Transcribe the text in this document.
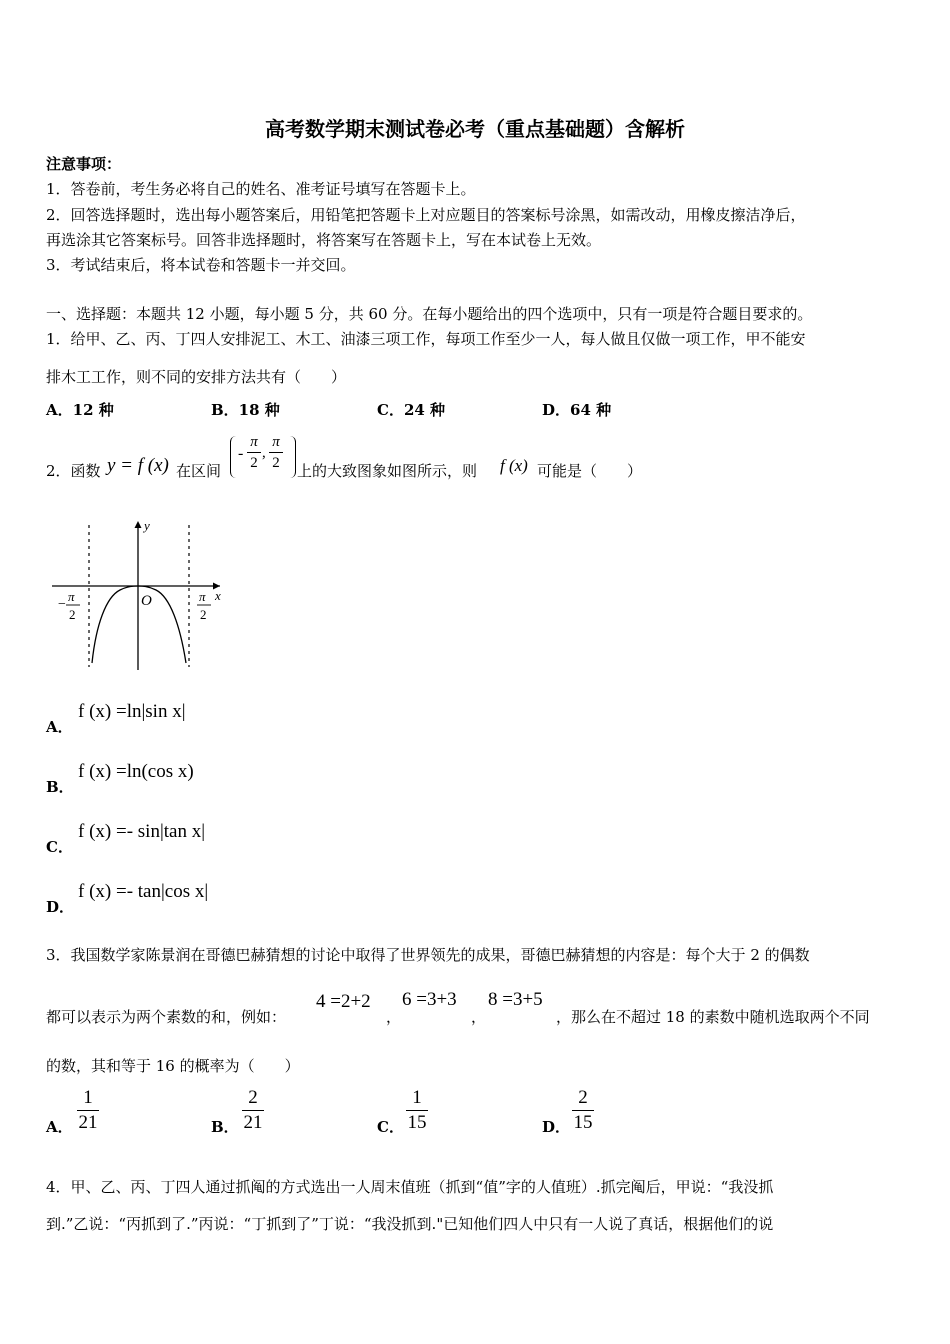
高考数学期末测试卷必考（重点基础题）含解析
注意事项：
1．答卷前，考生务必将自己的姓名、准考证号填写在答题卡上。
2．回答选择题时，选出每小题答案后，用铅笔把答题卡上对应题目的答案标号涂黑，如需改动，用橡皮擦洁净后，
再选涂其它答案标号。回答非选择题时，将答案写在答题卡上，写在本试卷上无效。
3．考试结束后，将本试卷和答题卡一并交回。
一、选择题：本题共 12 小题，每小题 5 分，共 60 分。在每小题给出的四个选项中，只有一项是符合题目要求的。
1．给甲、乙、丙、丁四人安排泥工、木工、油漆三项工作，每项工作至少一人，每人做且仅做一项工作，甲不能安
排木工工作，则不同的安排方法共有（　　）
A．12 种	B．18 种	C．24 种	D．64 种
2．函数 y = f (x) 在区间
-
π
2
,
π
2 上的大致图象如图所示，则 f (x) 可能是（　　）
y
x
O
−
π
2
π
2
A．
f (x) =ln|sin x|
B．
f (x) =ln(cos x)
C．
f (x) =- sin|tan x|
D．
f (x) =- tan|cos x|
3．我国数学家陈景润在哥德巴赫猜想的讨论中取得了世界领先的成果，哥德巴赫猜想的内容是：每个大于 2 的偶数
都可以表示为两个素数的和，例如：
4 =2+2
，
6 =3+3
，
8 =3+5
，那么在不超过 18 的素数中随机选取两个不同
的数，其和等于 16 的概率为（　　）
A．
1
21	B．
2
21	C．
1
15	D．
2
15
4．甲、乙、丙、丁四人通过抓阄的方式选出一人周末值班（抓到“值”字的人值班）.抓完阄后，甲说：“我没抓
到.”乙说：“丙抓到了.”丙说：“丁抓到了”丁说：“我没抓到."已知他们四人中只有一人说了真话，根据他们的说
